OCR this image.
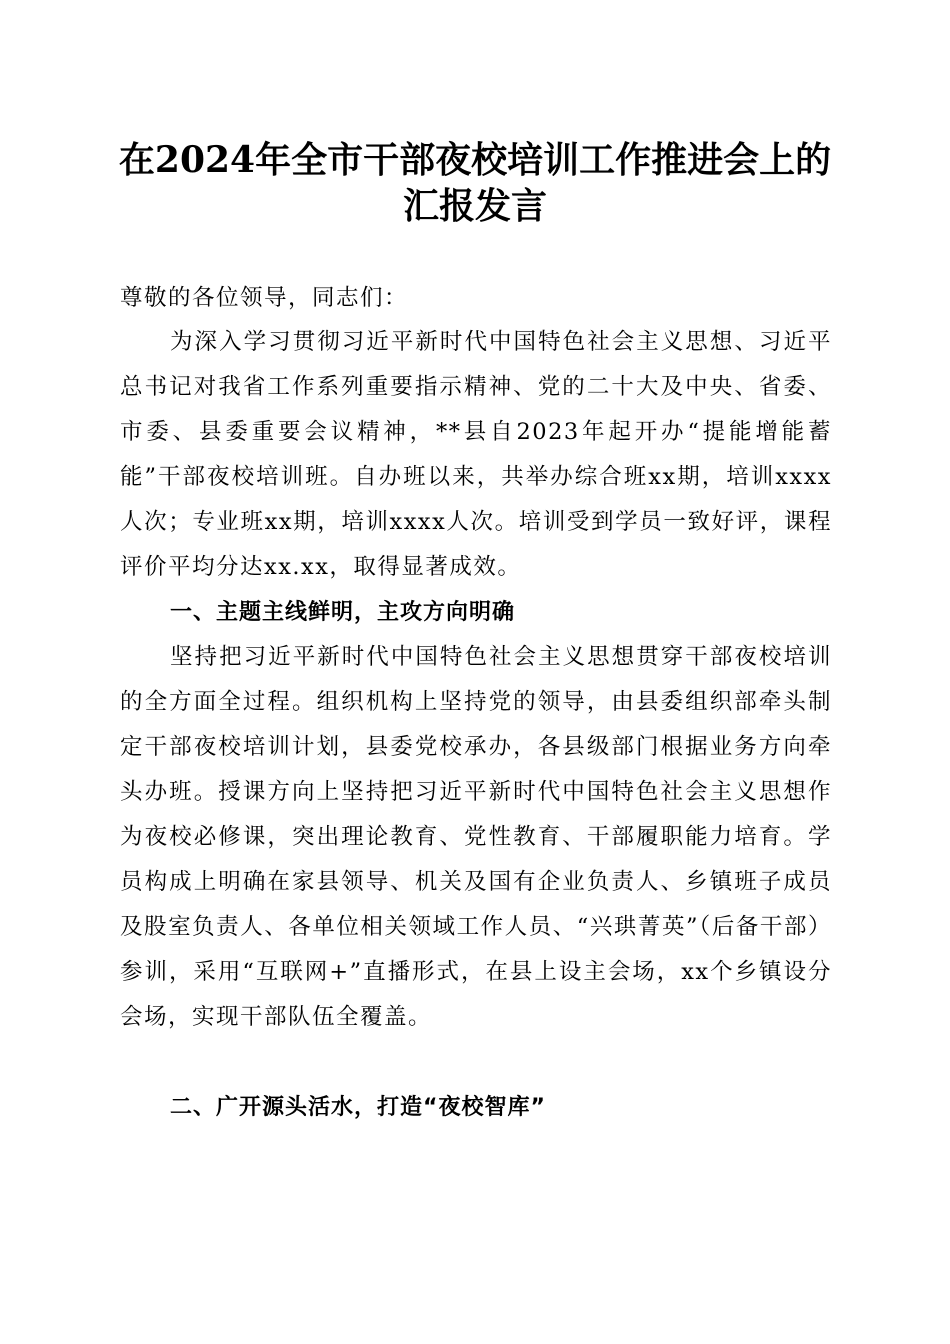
在2024年全市干部夜校培训工作推进会上的
汇报发言

尊敬的各位领导，同志们：

为深入学习贯彻习近平新时代中国特色社会主义思想、习近平总书记对我省工作系列重要指示精神、党的二十大及中央、省委、市委、县委重要会议精神，**县自2023年起开办“提能增能蓄能”干部夜校培训班。自办班以来，共举办综合班xx期，培训xxxx人次；专业班xx期，培训xxxx人次。培训受到学员一致好评，课程评价平均分达xx.xx，取得显著成效。

一、主题主线鲜明，主攻方向明确

坚持把习近平新时代中国特色社会主义思想贯穿干部夜校培训的全方面全过程。组织机构上坚持党的领导，由县委组织部牵头制定干部夜校培训计划，县委党校承办，各县级部门根据业务方向牵头办班。授课方向上坚持把习近平新时代中国特色社会主义思想作为夜校必修课，突出理论教育、党性教育、干部履职能力培育。学员构成上明确在家县领导、机关及国有企业负责人、乡镇班子成员及股室负责人、各单位相关领域工作人员、“兴珙菁英”（后备干部）参训，采用“互联网+”直播形式，在县上设主会场，xx个乡镇设分会场，实现干部队伍全覆盖。

二、广开源头活水，打造“夜校智库”
